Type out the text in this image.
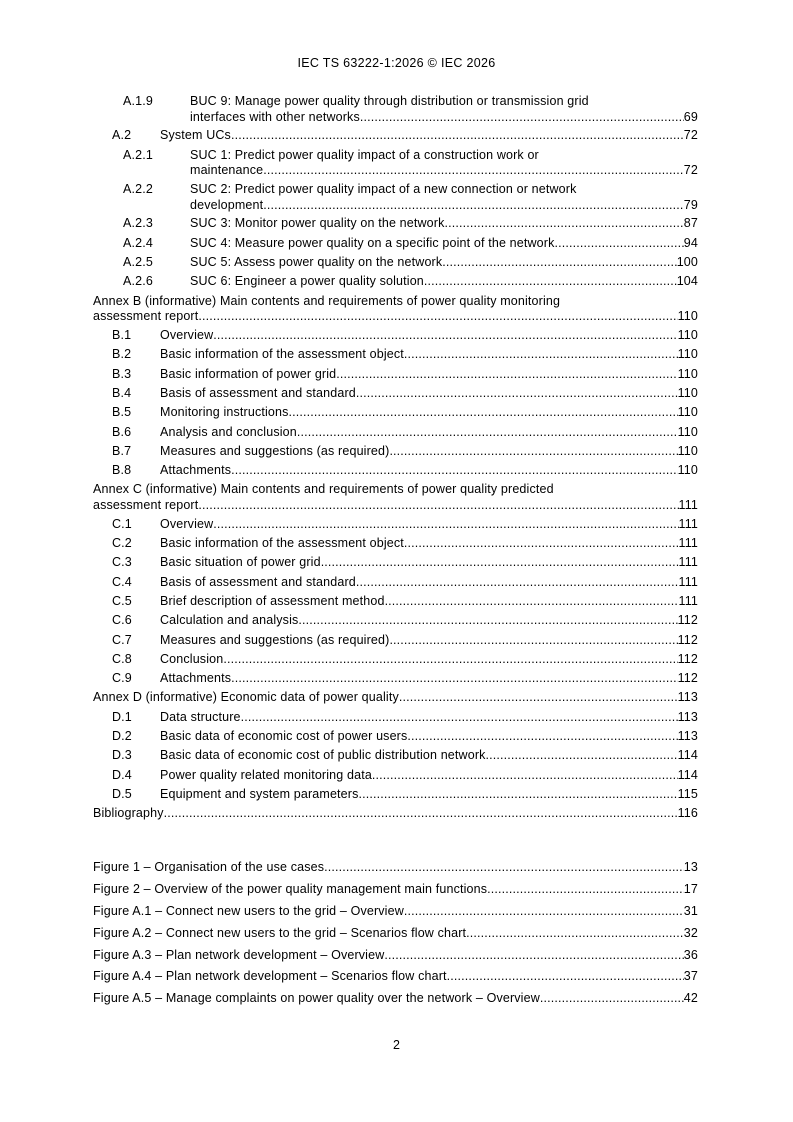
IEC TS 63222-1:2026 © IEC 2026
A.1.9	BUC 9: Manage power quality through distribution or transmission grid
interfaces with other networks .....	69
A.2 System UCs .....	72
A.2.1	SUC 1: Predict power quality impact of a construction work or
maintenance .....	72
A.2.2	SUC 2: Predict power quality impact of a new connection or network
development .....	79
A.2.3	SUC 3: Monitor power quality on the network .....	87
A.2.4	SUC 4: Measure power quality on a specific point of the network .....	94
A.2.5	SUC 5: Assess power quality on the network .....	100
A.2.6	SUC 6: Engineer a power quality solution .....	104
Annex B (informative) Main contents and requirements of power quality monitoring
assessment report .....	110
B.1 Overview .....	110
B.2 Basic information of the assessment object .....	110
B.3 Basic information of power grid .....	110
B.4 Basis of assessment and standard .....	110
B.5 Monitoring instructions .....	110
B.6 Analysis and conclusion .....	110
B.7 Measures and suggestions (as required) .....	110
B.8 Attachments .....	110
Annex C (informative) Main contents and requirements of power quality predicted
assessment report .....	111
C.1 Overview .....	111
C.2 Basic information of the assessment object .....	111
C.3 Basic situation of power grid .....	111
C.4 Basis of assessment and standard .....	111
C.5 Brief description of assessment method .....	111
C.6 Calculation and analysis .....	112
C.7 Measures and suggestions (as required) .....	112
C.8 Conclusion .....	112
C.9 Attachments .....	112
Annex D (informative) Economic data of power quality .....	113
D.1 Data structure .....	113
D.2 Basic data of economic cost of power users .....	113
D.3 Basic data of economic cost of public distribution network .....	114
D.4 Power quality related monitoring data .....	114
D.5 Equipment and system parameters .....	115
Bibliography .....	116
Figure 1 – Organisation of the use cases .....	13
Figure 2 – Overview of the power quality management main functions .....	17
Figure A.1 – Connect new users to the grid – Overview .....	31
Figure A.2 – Connect new users to the grid – Scenarios flow chart .....	32
Figure A.3 – Plan network development – Overview .....	36
Figure A.4 – Plan network development – Scenarios flow chart .....	37
Figure A.5 – Manage complaints on power quality over the network – Overview .....	42
2
